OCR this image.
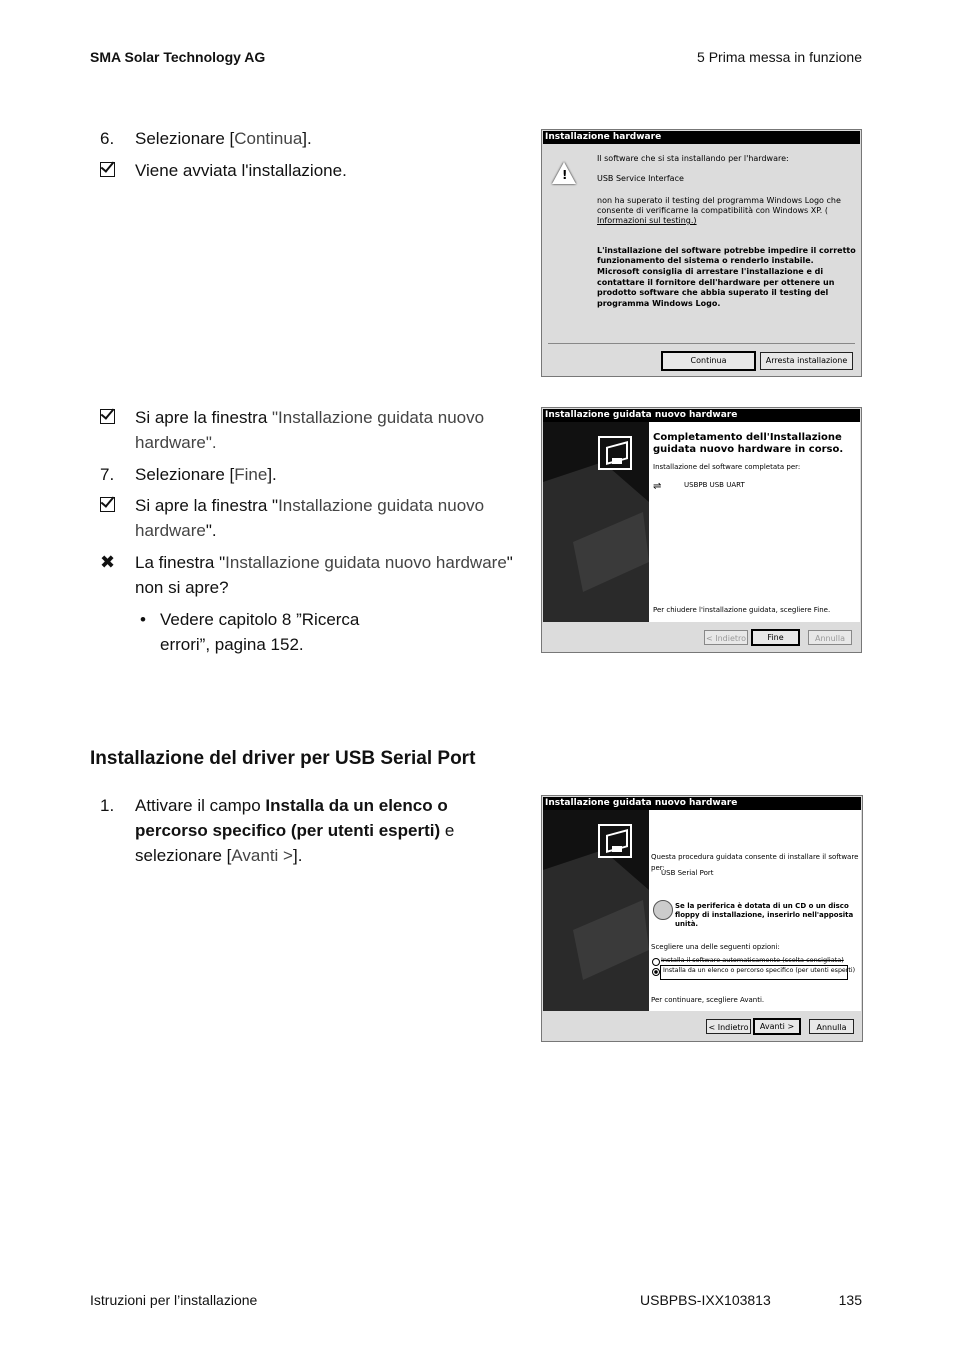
SMA Solar Technology AG	5 Prima messa in funzione
6. Selezionare [Continua].
Viene avviata l'installazione.
Si apre la finestra "Installazione guidata nuovo
hardware".
7. Selezionare [Fine].
Si apre la finestra "Installazione guidata nuovo
hardware".
✖ La finestra "Installazione guidata nuovo hardware"
non si apre?
• Vedere capitolo 8 ”Ricerca
errori”, pagina 152.
Installazione del driver per USB Serial Port
1. Attivare il campo Installa da un elenco o
percorso specifico (per utenti esperti) e
selezionare [Avanti >].
Installazione hardware
!
Il software che si sta installando per l'hardware:
USB Service Interface
non ha superato il testing del programma Windows Logo che
consente di verificarne la compatibilità con Windows XP. (
Informazioni sul testing.)
L'installazione del software potrebbe impedire il corretto
funzionamento del sistema o renderlo instabile.
Microsoft consiglia di arrestare l'installazione e di
contattare il fornitore dell'hardware per ottenere un
prodotto software che abbia superato il testing del
programma Windows Logo.
Continua	Arresta installazione
Installazione guidata nuovo hardware
Completamento dell'Installazione
guidata nuovo hardware in corso.
Installazione del software completata per:
⇌	USBPB USB UART
Per chiudere l'installazione guidata, scegliere Fine.
< Indietro	Fine	Annulla
Installazione guidata nuovo hardware
Questa procedura guidata consente di installare il software per:
USB Serial Port
Se la periferica è dotata di un CD o un disco
floppy di installazione, inserirlo nell'apposita
unità.
Scegliere una delle seguenti opzioni:
Installa il software automaticamente (scelta consigliata)
Installa da un elenco o percorso specifico (per utenti esperti)
Per continuare, scegliere Avanti.
< Indietro	Avanti >	Annulla
Istruzioni per l’installazione	USBPBS-IXX103813	135
